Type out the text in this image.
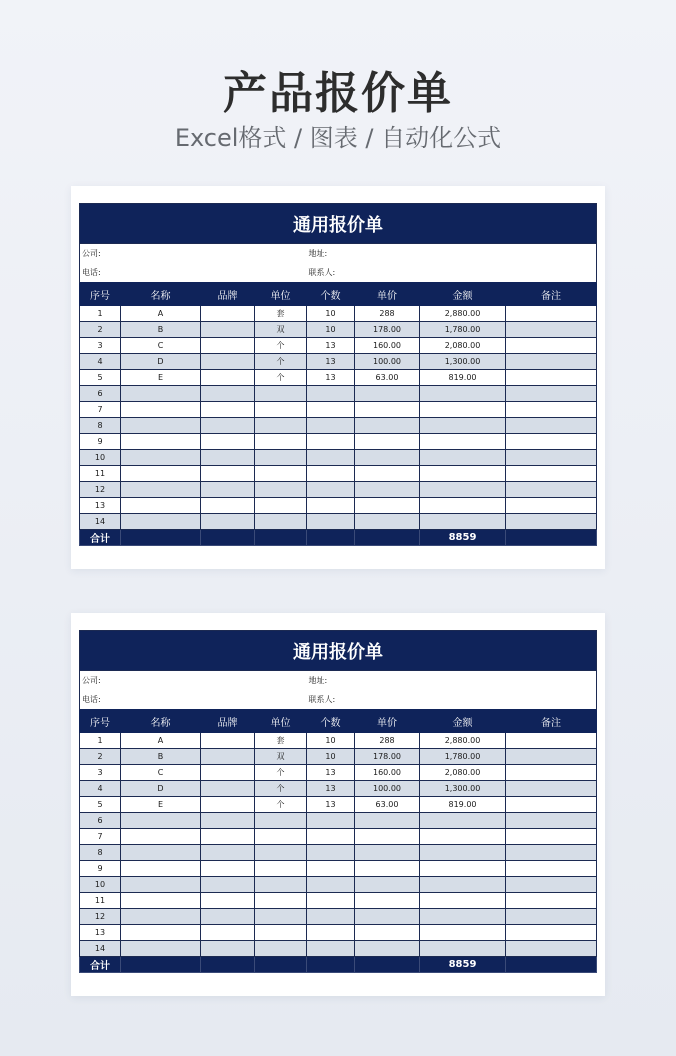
产品报价单
Excel格式 / 图表 / 自动化公式
通用报价单							
公司:				地址:			
电话:				联系人:			
序号	名称	品牌	单位	个数	单价	金额	备注
1	A		套	10	288	2,880.00	
2	B		双	10	178.00	1,780.00	
3	C		个	13	160.00	2,080.00	
4	D		个	13	100.00	1,300.00	
5	E		个	13	63.00	819.00	
6							
7							
8							
9							
10							
11							
12							
13							
14							
合计						8859	
通用报价单							
公司:				地址:			
电话:				联系人:			
序号	名称	品牌	单位	个数	单价	金额	备注
1	A		套	10	288	2,880.00	
2	B		双	10	178.00	1,780.00	
3	C		个	13	160.00	2,080.00	
4	D		个	13	100.00	1,300.00	
5	E		个	13	63.00	819.00	
6							
7							
8							
9							
10							
11							
12							
13							
14							
合计						8859	
